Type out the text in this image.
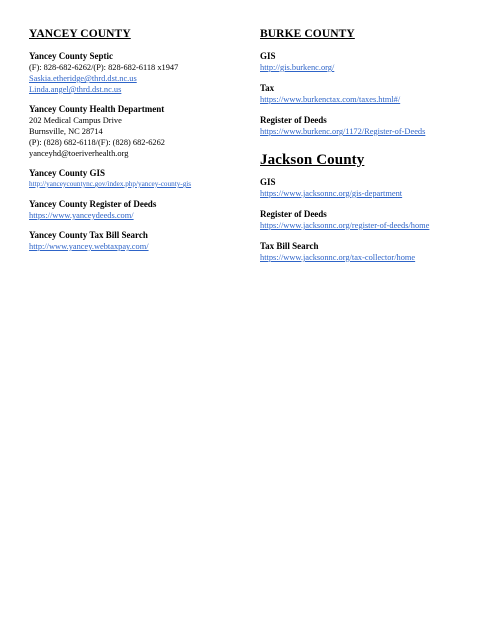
YANCEY COUNTY
Yancey County Septic
(F): 828-682-6262/(P): 828-682-6118 x1947
Saskia.etheridge@thrd.dst.nc.us
Linda.angel@thrd.dst.nc.us
Yancey County Health Department
202 Medical Campus Drive
Burnsville, NC 28714
(P): (828) 682-6118/(F): (828) 682-6262
yanceyhd@toeriverhealth.org
Yancey County GIS
http://yanceycountync.gov/index.php/yancey-county-gis
Yancey County Register of Deeds
https://www.yanceydeeds.com/
Yancey County Tax Bill Search
http://www.yancey.webtaxpay.com/
BURKE COUNTY
GIS
http://gis.burkenc.org/
Tax
https://www.burkenctax.com/taxes.html#/
Register of Deeds
https://www.burkenc.org/1172/Register-of-Deeds
Jackson County
GIS
https://www.jacksonnc.org/gis-department
Register of Deeds
https://www.jacksonnc.org/register-of-deeds/home
Tax Bill Search
https://www.jacksonnc.org/tax-collector/home
